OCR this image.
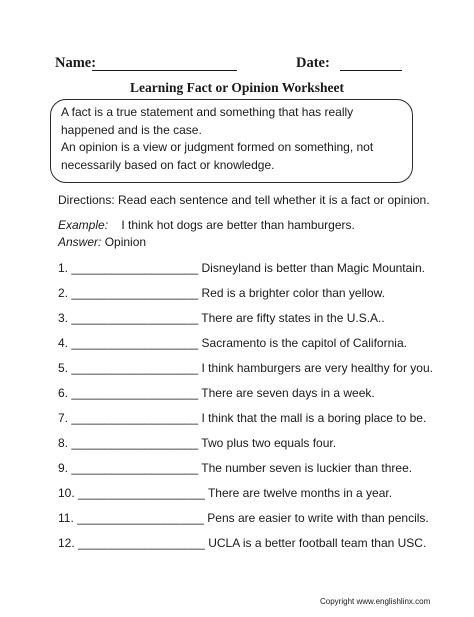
Name:	Date:
Learning Fact or Opinion Worksheet

A fact is a true statement and something that has really happened and is the case.

An opinion is a view or judgment formed on something, not necessarily based on fact or knowledge.

Directions: Read each sentence and tell whether it is a fact or opinion.
Example: I think hot dogs are better than hamburgers.
Answer: Opinion
1. ___________________ Disneyland is better than Magic Mountain.
2. ___________________ Red is a brighter color than yellow.
3. ___________________ There are fifty states in the U.S.A..
4. ___________________ Sacramento is the capitol of California.
5. ___________________ I think hamburgers are very healthy for you.
6. ___________________ There are seven days in a week.
7. ___________________ I think that the mall is a boring place to be.
8. ___________________ Two plus two equals four.
9. ___________________ The number seven is luckier than three.
10. ___________________ There are twelve months in a year.
11. ___________________ Pens are easier to write with than pencils.
12. ___________________ UCLA is a better football team than USC.
Copyright www.englishlinx.com
